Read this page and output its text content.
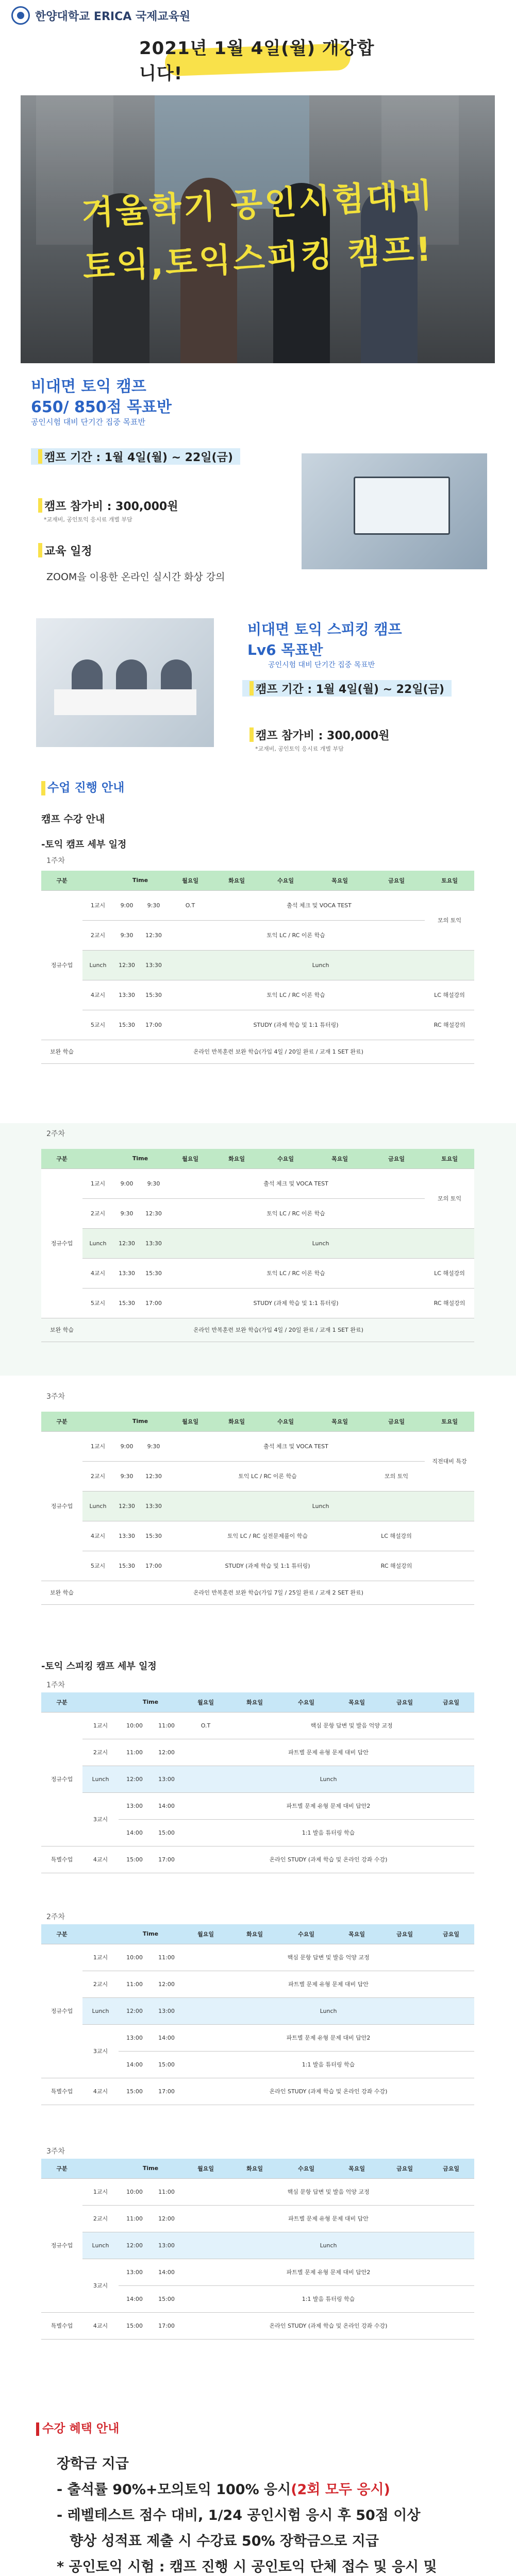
한양대학교 ERICA 국제교육원
2021년 1월 4일(월) 개강합니다!
겨울학기 공인시험대비
토익,토익스피킹 캠프!
비대면 토익 캠프
650/ 850점 목표반
공인시험 대비 단기간 집중 목표반
캠프 기간 : 1월 4일(월) ~ 22일(금)
캠프 참가비 : 300,000원
*교재비, 공인토익 응시료 개별 부담
교육 일정
ZOOM을 이용한 온라인 실시간 화상 강의
비대면 토익 스피킹 캠프
Lv6 목표반
공인시험 대비 단기간 집중 목표반
캠프 기간 : 1월 4일(월) ~ 22일(금)
캠프 참가비 : 300,000원
*교재비, 공인토익 응시료 개별 부담
수업 진행 안내
캠프 수강 안내
-토익 캠프 세부 일정
1주차
구분		Time		월요일	화요일	수요일	목요일	금요일	토요일
정규수업	1교시	9:00	9:30	O.T	출석 체크 및 VOCA TEST				모의 토익
	2교시	9:30	12:30	토익 LC / RC 이론 학습					
	Lunch	12:30	13:30	Lunch					
	4교시	13:30	15:30	토익 LC / RC 이론 학습					LC 해설강의
	5교시	15:30	17:00	STUDY (과제 학습 및 1:1 튜터링)					RC 해설강의
보완 학습	온라인 반복훈련 보완 학습(가입 4일 / 20일 완료 / 교재 1 SET 완료)								
2주차
구분		Time		월요일	화요일	수요일	목요일	금요일	토요일
정규수업	1교시	9:00	9:30	출석 체크 및 VOCA TEST					모의 토익
	2교시	9:30	12:30	토익 LC / RC 이론 학습					
	Lunch	12:30	13:30	Lunch					
	4교시	13:30	15:30	토익 LC / RC 이론 학습					LC 해설강의
	5교시	15:30	17:00	STUDY (과제 학습 및 1:1 튜터링)					RC 해설강의
보완 학습	온라인 반복훈련 보완 학습(가입 4일 / 20일 완료 / 교재 1 SET 완료)								
3주차
구분		Time		월요일	화요일	수요일	목요일	금요일	토요일
정규수업	1교시	9:00	9:30	출석 체크 및 VOCA TEST					직전대비 특강
	2교시	9:30	12:30	토익 LC / RC 이론 학습				모의 토익	
	Lunch	12:30	13:30	Lunch					
	4교시	13:30	15:30	토익 LC / RC 실전문제풀이 학습				LC 해설강의	
	5교시	15:30	17:00	STUDY (과제 학습 및 1:1 튜터링)				RC 해설강의	
보완 학습	온라인 반복훈련 보완 학습(가입 7일 / 25일 완료 / 교재 2 SET 완료)								
-토익 스피킹 캠프 세부 일정
1주차
구분		Time		월요일	화요일	수요일	목요일	금요일	금요일
정규수업	1교시	10:00	11:00	O.T	핵심 문항 답변 및 발음 억양 교정				
	2교시	11:00	12:00	파트별 문제 유형 문제 대비 답안					
	Lunch	12:00	13:00	Lunch					
	3교시	13:00	14:00	파트별 문제 유형 문제 대비 답안2					
		14:00	15:00	1:1 발음 튜터링 학습					
특별수업	4교시	15:00	17:00	온라인 STUDY (과제 학습 및 온라인 강좌 수강)					
2주차
구분		Time		월요일	화요일	수요일	목요일	금요일	금요일
정규수업	1교시	10:00	11:00	핵심 문항 답변 및 발음 억양 교정					
	2교시	11:00	12:00	파트별 문제 유형 문제 대비 답안					
	Lunch	12:00	13:00	Lunch					
	3교시	13:00	14:00	파트별 문제 유형 문제 대비 답안2					
		14:00	15:00	1:1 발음 튜터링 학습					
특별수업	4교시	15:00	17:00	온라인 STUDY (과제 학습 및 온라인 강좌 수강)					
3주차
구분		Time		월요일	화요일	수요일	목요일	금요일	금요일
정규수업	1교시	10:00	11:00	핵심 문항 답변 및 발음 억양 교정					
	2교시	11:00	12:00	파트별 문제 유형 문제 대비 답안					
	Lunch	12:00	13:00	Lunch					
	3교시	13:00	14:00	파트별 문제 유형 문제 대비 답안2					
		14:00	15:00	1:1 발음 튜터링 학습					
특별수업	4교시	15:00	17:00	온라인 STUDY (과제 학습 및 온라인 강좌 수강)					
수강 혜택 안내
장학금 지급
- 출석률 90%+모의토익 100% 응시(2회 모두 응시)
- 레벨테스트 점수 대비, 1/24 공인시험 응시 후 50점 이상
향상 성적표 제출 시 수강료 50% 장학금으로 지급
* 공인토익 시험 : 캠프 진행 시 공인토익 단체 접수 및 응시 및
